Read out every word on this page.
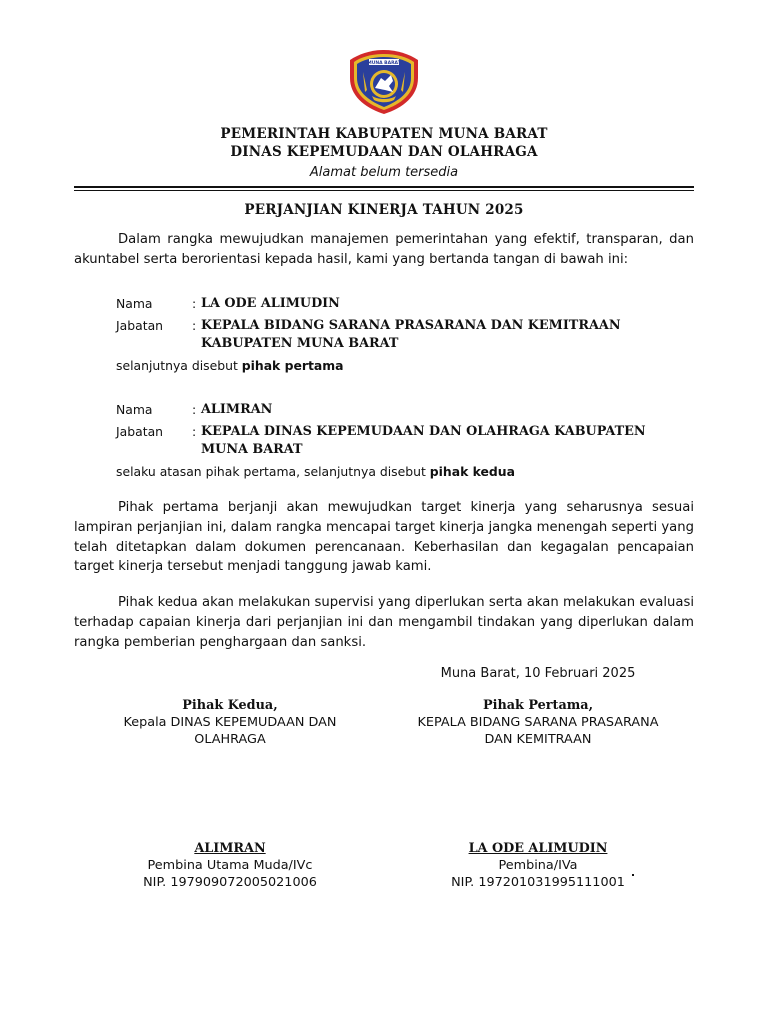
MUNA BARAT
PEMERINTAH KABUPATEN MUNA BARAT
DINAS KEPEMUDAAN DAN OLAHRAGA
Alamat belum tersedia
PERJANJIAN KINERJA TAHUN 2025
Dalam rangka mewujudkan manajemen pemerintahan yang efektif, transparan, dan akuntabel serta berorientasi kepada hasil, kami yang bertanda tangan di bawah ini:
Nama	: LA ODE ALIMUDIN
Jabatan	: KEPALA BIDANG SARANA PRASARANA DAN KEMITRAAN KABUPATEN MUNA BARAT
selanjutnya disebut pihak pertama
Nama	: ALIMRAN
Jabatan	: KEPALA DINAS KEPEMUDAAN DAN OLAHRAGA KABUPATEN MUNA BARAT
selaku atasan pihak pertama, selanjutnya disebut pihak kedua
Pihak pertama berjanji akan mewujudkan target kinerja yang seharusnya sesuai lampiran perjanjian ini, dalam rangka mencapai target kinerja jangka menengah seperti yang telah ditetapkan dalam dokumen perencanaan. Keberhasilan dan kegagalan pencapaian target kinerja tersebut menjadi tanggung jawab kami.
Pihak kedua akan melakukan supervisi yang diperlukan serta akan melakukan evaluasi terhadap capaian kinerja dari perjanjian ini dan mengambil tindakan yang diperlukan dalam rangka pemberian penghargaan dan sanksi.
Muna Barat, 10 Februari 2025
Pihak Kedua,
Kepala DINAS KEPEMUDAAN DAN OLAHRAGA
Pihak Pertama,
KEPALA BIDANG SARANA PRASARANA DAN KEMITRAAN
ALIMRAN
Pembina Utama Muda/IVc
NIP. 197909072005021006
LA ODE ALIMUDIN
Pembina/IVa
NIP. 197201031995111001
